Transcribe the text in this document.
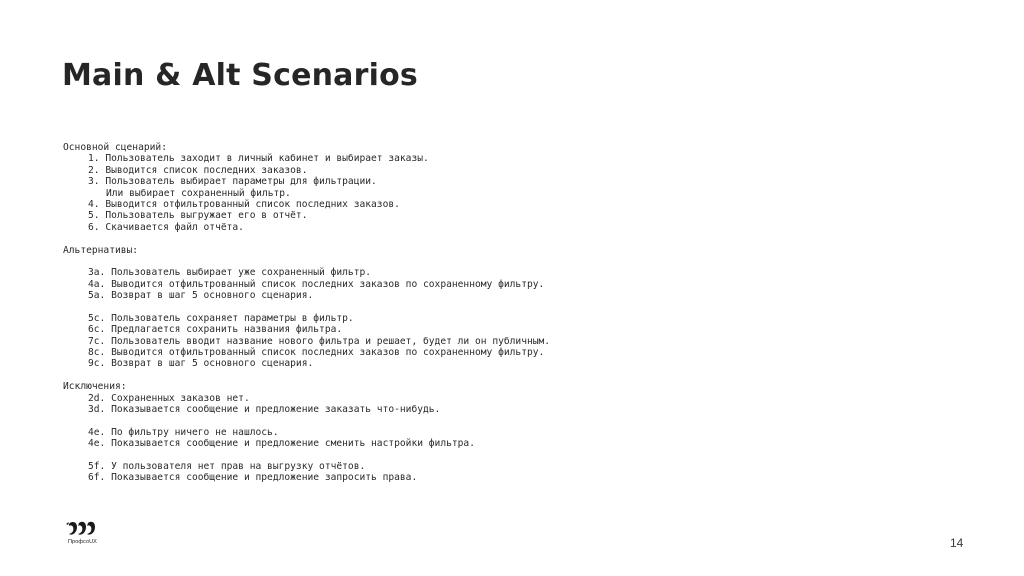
Main & Alt Scenarios
Основной сценарий:
1. Пользователь заходит в личный кабинет и выбирает заказы.
2. Выводится список последних заказов.
3. Пользователь выбирает параметры для фильтрации.
Или выбирает сохраненный фильтр.
4. Выводится отфильтрованный список последних заказов.
5. Пользователь выгружает его в отчёт.
6. Скачивается файл отчёта.
Альтернативы:
3a. Пользователь выбирает уже сохраненный фильтр.
4a. Выводится отфильтрованный список последних заказов по сохраненному фильтру.
5a. Возврат в шаг 5 основного сценария.
5c. Пользователь сохраняет параметры в фильтр.
6c. Предлагается сохранить названия фильтра.
7c. Пользователь вводит название нового фильтра и решает, будет ли он публичным.
8c. Выводится отфильтрованный список последних заказов по сохраненному фильтру.
9c. Возврат в шаг 5 основного сценария.
Исключения:
2d. Сохраненных заказов нет.
3d. Показывается сообщение и предложение заказать что-нибудь.
4e. По фильтру ничего не нашлось.
4e. Показывается сообщение и предложение сменить настройки фильтра.
5f. У пользователя нет прав на выгрузку отчётов.
6f. Показывается сообщение и предложение запросить права.
ПрофсоUX	14
